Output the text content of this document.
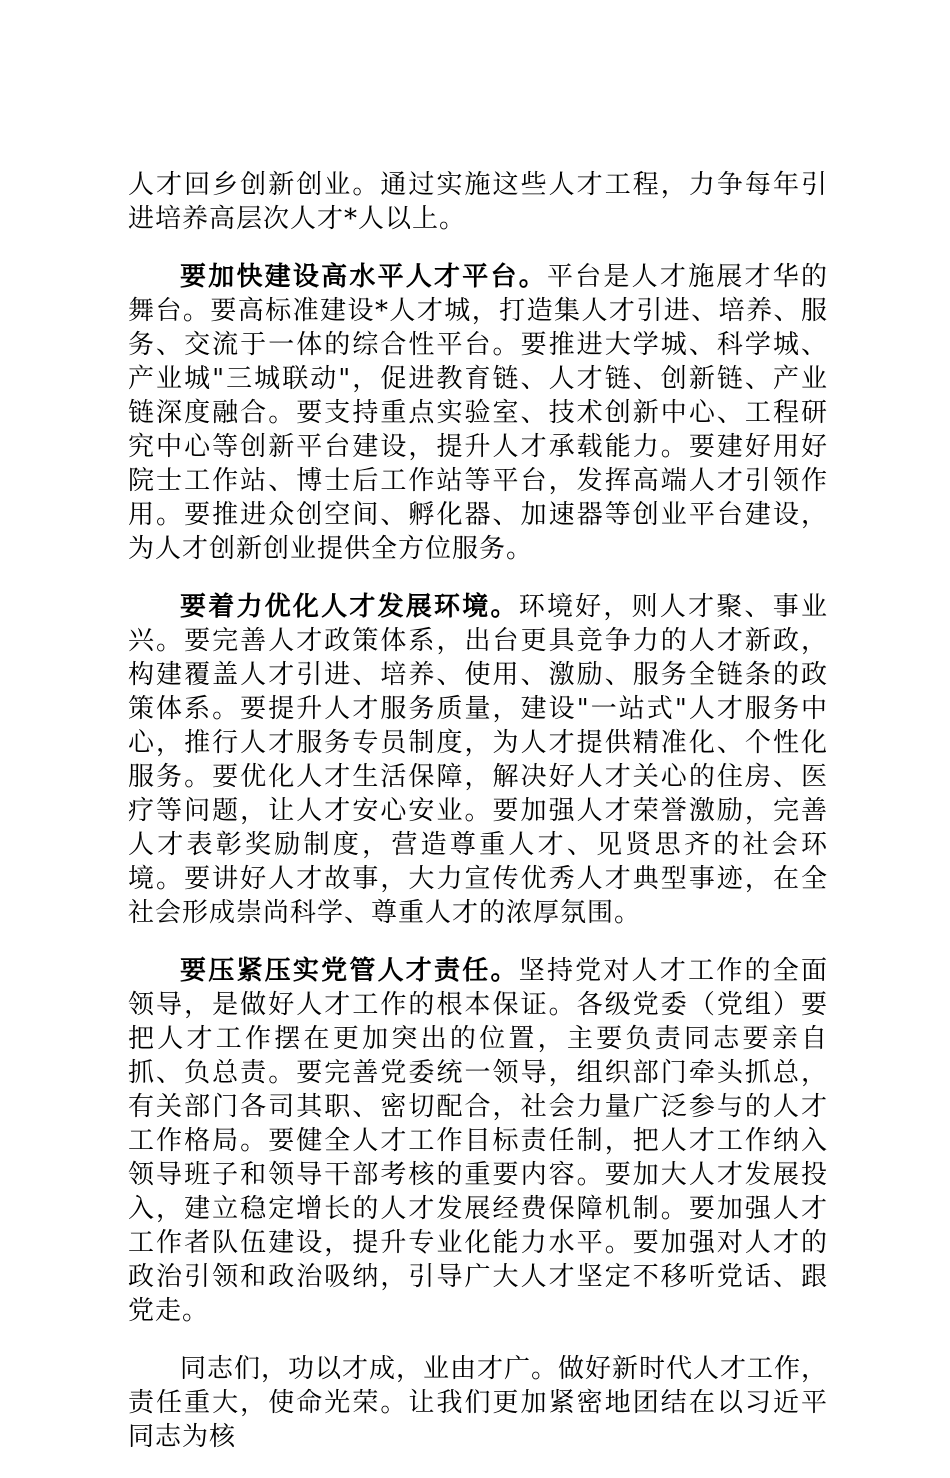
人才回乡创新创业。通过实施这些人才工程，力争每年引进培养高层次人才*人以上。

要加快建设高水平人才平台。平台是人才施展才华的舞台。要高标准建设*人才城，打造集人才引进、培养、服务、交流于一体的综合性平台。要推进大学城、科学城、产业城"三城联动"，促进教育链、人才链、创新链、产业链深度融合。要支持重点实验室、技术创新中心、工程研究中心等创新平台建设，提升人才承载能力。要建好用好院士工作站、博士后工作站等平台，发挥高端人才引领作用。要推进众创空间、孵化器、加速器等创业平台建设，为人才创新创业提供全方位服务。

要着力优化人才发展环境。环境好，则人才聚、事业兴。要完善人才政策体系，出台更具竞争力的人才新政，构建覆盖人才引进、培养、使用、激励、服务全链条的政策体系。要提升人才服务质量，建设"一站式"人才服务中心，推行人才服务专员制度，为人才提供精准化、个性化服务。要优化人才生活保障，解决好人才关心的住房、医疗等问题，让人才安心安业。要加强人才荣誉激励，完善人才表彰奖励制度，营造尊重人才、见贤思齐的社会环境。要讲好人才故事，大力宣传优秀人才典型事迹，在全社会形成崇尚科学、尊重人才的浓厚氛围。

要压紧压实党管人才责任。坚持党对人才工作的全面领导，是做好人才工作的根本保证。各级党委（党组）要把人才工作摆在更加突出的位置，主要负责同志要亲自抓、负总责。要完善党委统一领导，组织部门牵头抓总，有关部门各司其职、密切配合，社会力量广泛参与的人才工作格局。要健全人才工作目标责任制，把人才工作纳入领导班子和领导干部考核的重要内容。要加大人才发展投入，建立稳定增长的人才发展经费保障机制。要加强人才工作者队伍建设，提升专业化能力水平。要加强对人才的政治引领和政治吸纳，引导广大人才坚定不移听党话、跟党走。

同志们，功以才成，业由才广。做好新时代人才工作，责任重大，使命光荣。让我们更加紧密地团结在以习近平同志为核
